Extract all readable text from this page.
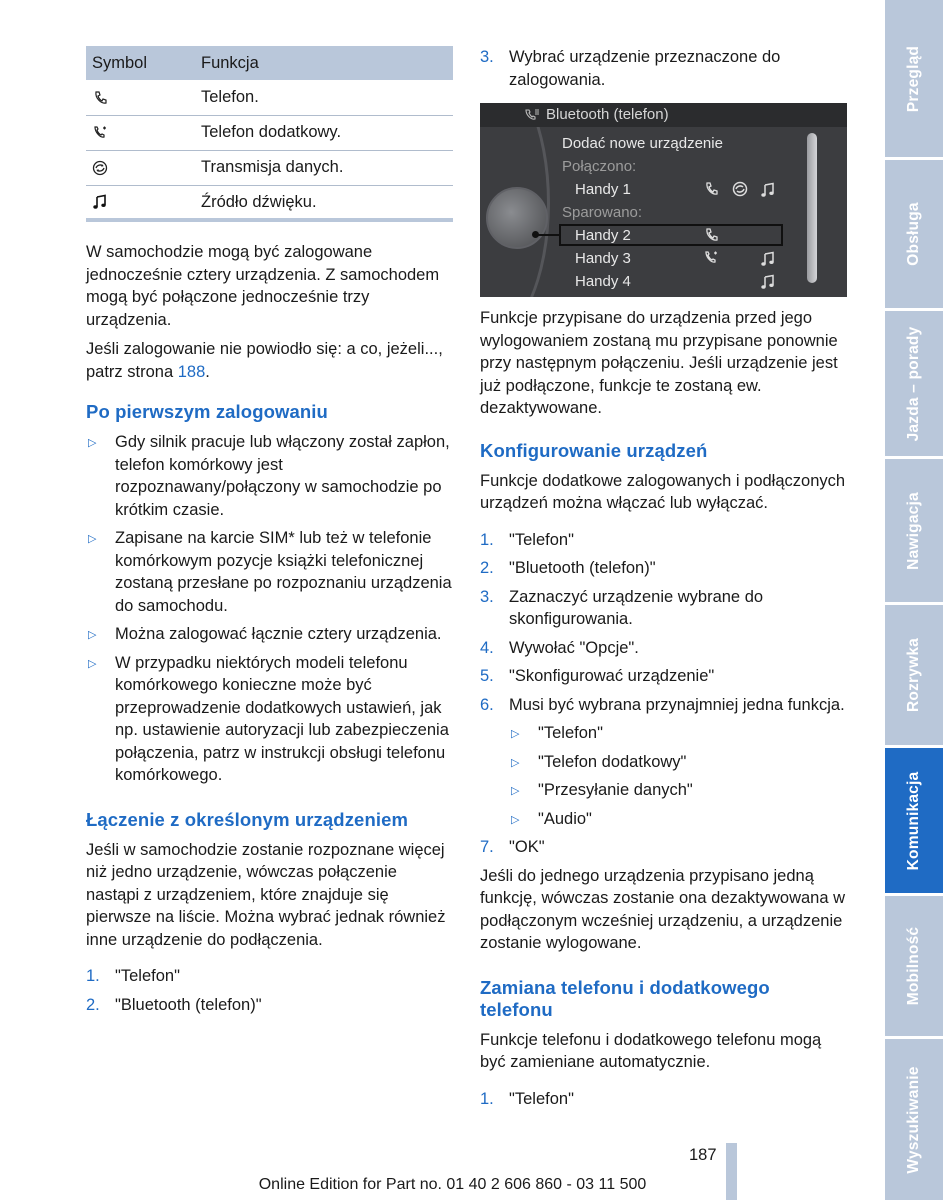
Symbol	Funkcja
	Telefon.
	Telefon dodatkowy.
	Transmisja danych.
	Źródło dźwięku.

W samochodzie mogą być zalogowane jednocześnie cztery urządzenia. Z samochodem mogą być połączone jednocześnie trzy urządzenia.

Jeśli zalogowanie nie powiodło się: a co, jeżeli..., patrz strona 188.

Po pierwszym zalogowaniu
▷ Gdy silnik pracuje lub włączony został zapłon, telefon komórkowy jest rozpoznawany/połączony w samochodzie po krótkim czasie.
▷ Zapisane na karcie SIM* lub też w telefonie komórkowym pozycje książki telefonicznej zostaną przesłane po rozpoznaniu urządzenia do samochodu.
▷ Można zalogować łącznie cztery urządzenia.
▷ W przypadku niektórych modeli telefonu komórkowego konieczne może być przeprowadzenie dodatkowych ustawień, jak np. ustawienie autoryzacji lub zabezpieczenia połączenia, patrz w instrukcji obsługi telefonu komórkowego.
Łączenie z określonym urządzeniem

Jeśli w samochodzie zostanie rozpoznane więcej niż jedno urządzenie, wówczas połączenie nastąpi z urządzeniem, które znajduje się pierwsze na liście. Można wybrać jednak również inne urządzenie do podłączenia.

1. "Telefon"
2. "Bluetooth (telefon)"
3. Wybrać urządzenie przeznaczone do zalogowania.
Bluetooth (telefon)
Dodać nowe urządzenie
Połączono:
Handy 1
Sparowano:
Handy 2
Handy 3
Handy 4

Funkcje przypisane do urządzenia przed jego wylogowaniem zostaną mu przypisane ponownie przy następnym połączeniu. Jeśli urządzenie jest już podłączone, funkcje te zostaną ew. dezaktywowane.

Konfigurowanie urządzeń

Funkcje dodatkowe zalogowanych i podłączonych urządzeń można włączać lub wyłączać.

1. "Telefon"
2. "Bluetooth (telefon)"
3. Zaznaczyć urządzenie wybrane do skonfigurowania.
4. Wywołać "Opcje".
5. "Skonfigurować urządzenie"
6. Musi być wybrana przynajmniej jedna funkcja.
▷ "Telefon"
▷ "Telefon dodatkowy"
▷ "Przesyłanie danych"
▷ "Audio"
7. "OK"

Jeśli do jednego urządzenia przypisano jedną funkcję, wówczas zostanie ona dezaktywowana w podłączonym wcześniej urządzeniu, a urządzenie zostanie wylogowane.

Zamiana telefonu i dodatkowego telefonu

Funkcje telefonu i dodatkowego telefonu mogą być zamieniane automatycznie.

1. "Telefon"
Przegląd
Obsługa
Jazda – porady
Nawigacja
Rozrywka
Komunikacja
Mobilność
Wyszukiwanie
187
Online Edition for Part no. 01 40 2 606 860 - 03 11 500
